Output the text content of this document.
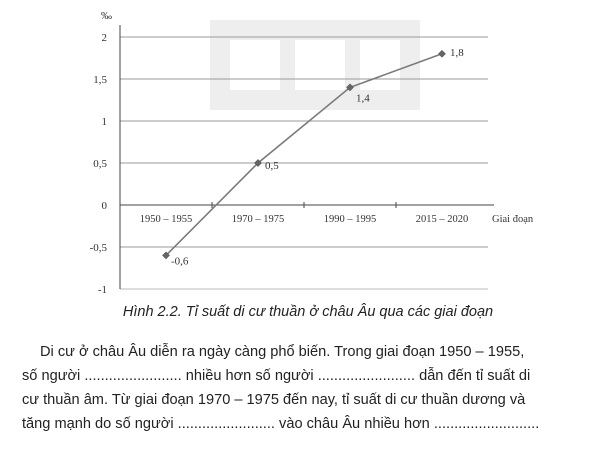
2
1,5
1
0,5
0
-0,5
-1
‰
1950 – 1955	1970 – 1975	1990 – 1995	2015 – 2020 Giai đoạn
-0,6
0,5
1,4
1,8
Hình 2.2. Tỉ suất di cư thuần ở châu Âu qua các giai đoạn
Di cư ở châu Âu diễn ra ngày càng phổ biến. Trong giai đoạn 1950 – 1955,
số người ........................ nhiều hơn số người ........................ dẫn đến tỉ suất di
cư thuần âm. Từ giai đoạn 1970 – 1975 đến nay, tỉ suất di cư thuần dương và
tăng mạnh do số người ........................ vào châu Âu nhiều hơn ..........................
